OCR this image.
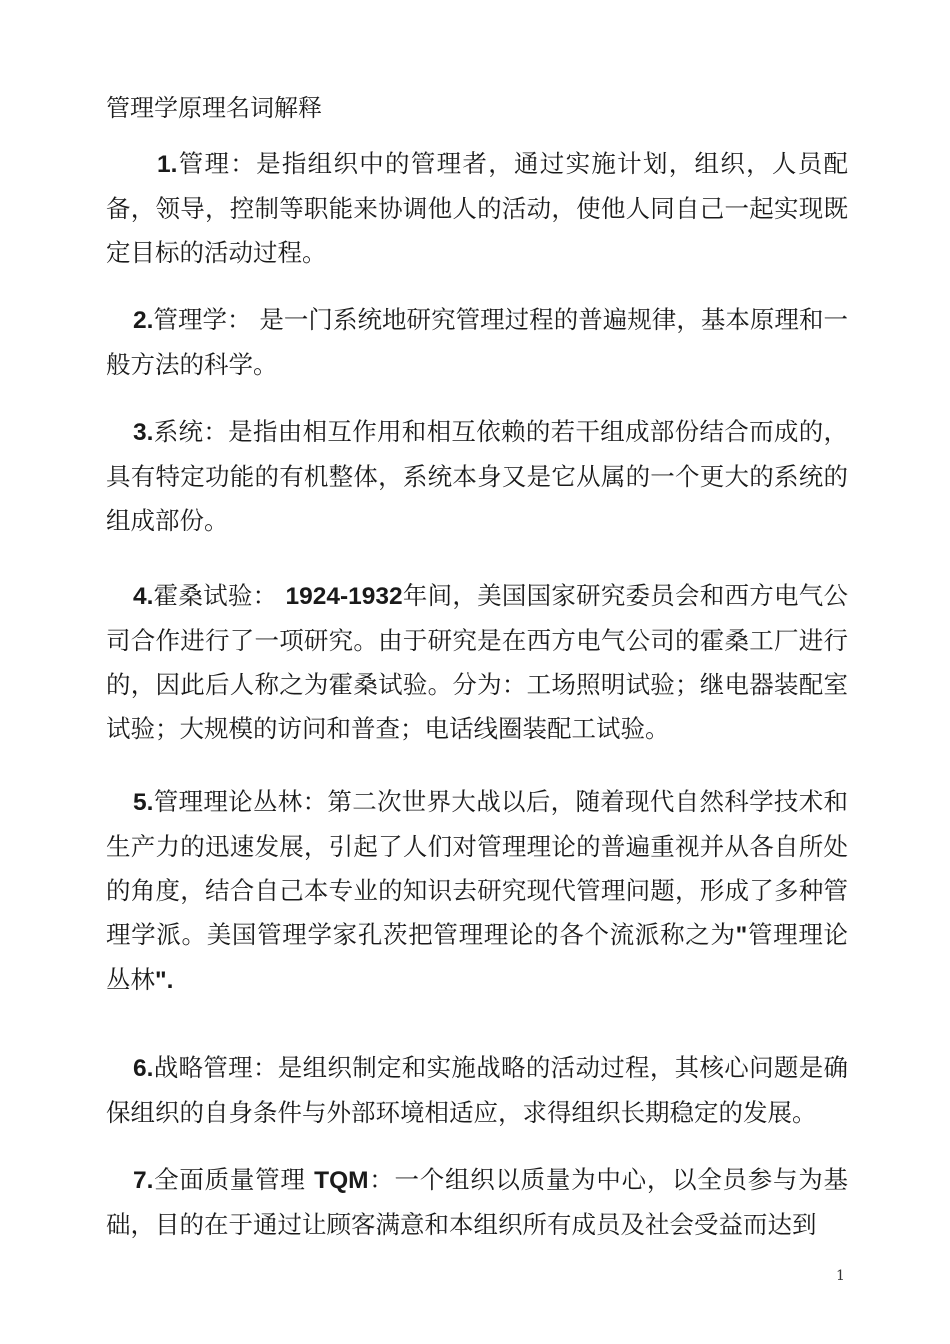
管理学原理名词解释

1.管理：是指组织中的管理者，通过实施计划，组织，人员配备，领导，控制等职能来协调他人的活动，使他人同自己一起实现既定目标的活动过程。

2.管理学： 是一门系统地研究管理过程的普遍规律，基本原理和一般方法的科学。

3.系统：是指由相互作用和相互依赖的若干组成部份结合而成的，具有特定功能的有机整体，系统本身又是它从属的一个更大的系统的组成部份。

4.霍桑试验： 1924-1932年间，美国国家研究委员会和西方电气公司合作进行了一项研究。由于研究是在西方电气公司的霍桑工厂进行的，因此后人称之为霍桑试验。分为：工场照明试验；继电器装配室试验；大规模的访问和普查；电话线圈装配工试验。

5.管理理论丛林：第二次世界大战以后，随着现代自然科学技术和生产力的迅速发展，引起了人们对管理理论的普遍重视并从各自所处的角度，结合自己本专业的知识去研究现代管理问题，形成了多种管理学派。美国管理学家孔茨把管理理论的各个流派称之为"管理理论丛林".

6.战略管理：是组织制定和实施战略的活动过程，其核心问题是确保组织的自身条件与外部环境相适应，求得组织长期稳定的发展。

7.全面质量管理 TQM：一个组织以质量为中心，以全员参与为基础，目的在于通过让顾客满意和本组织所有成员及社会受益而达到

1
